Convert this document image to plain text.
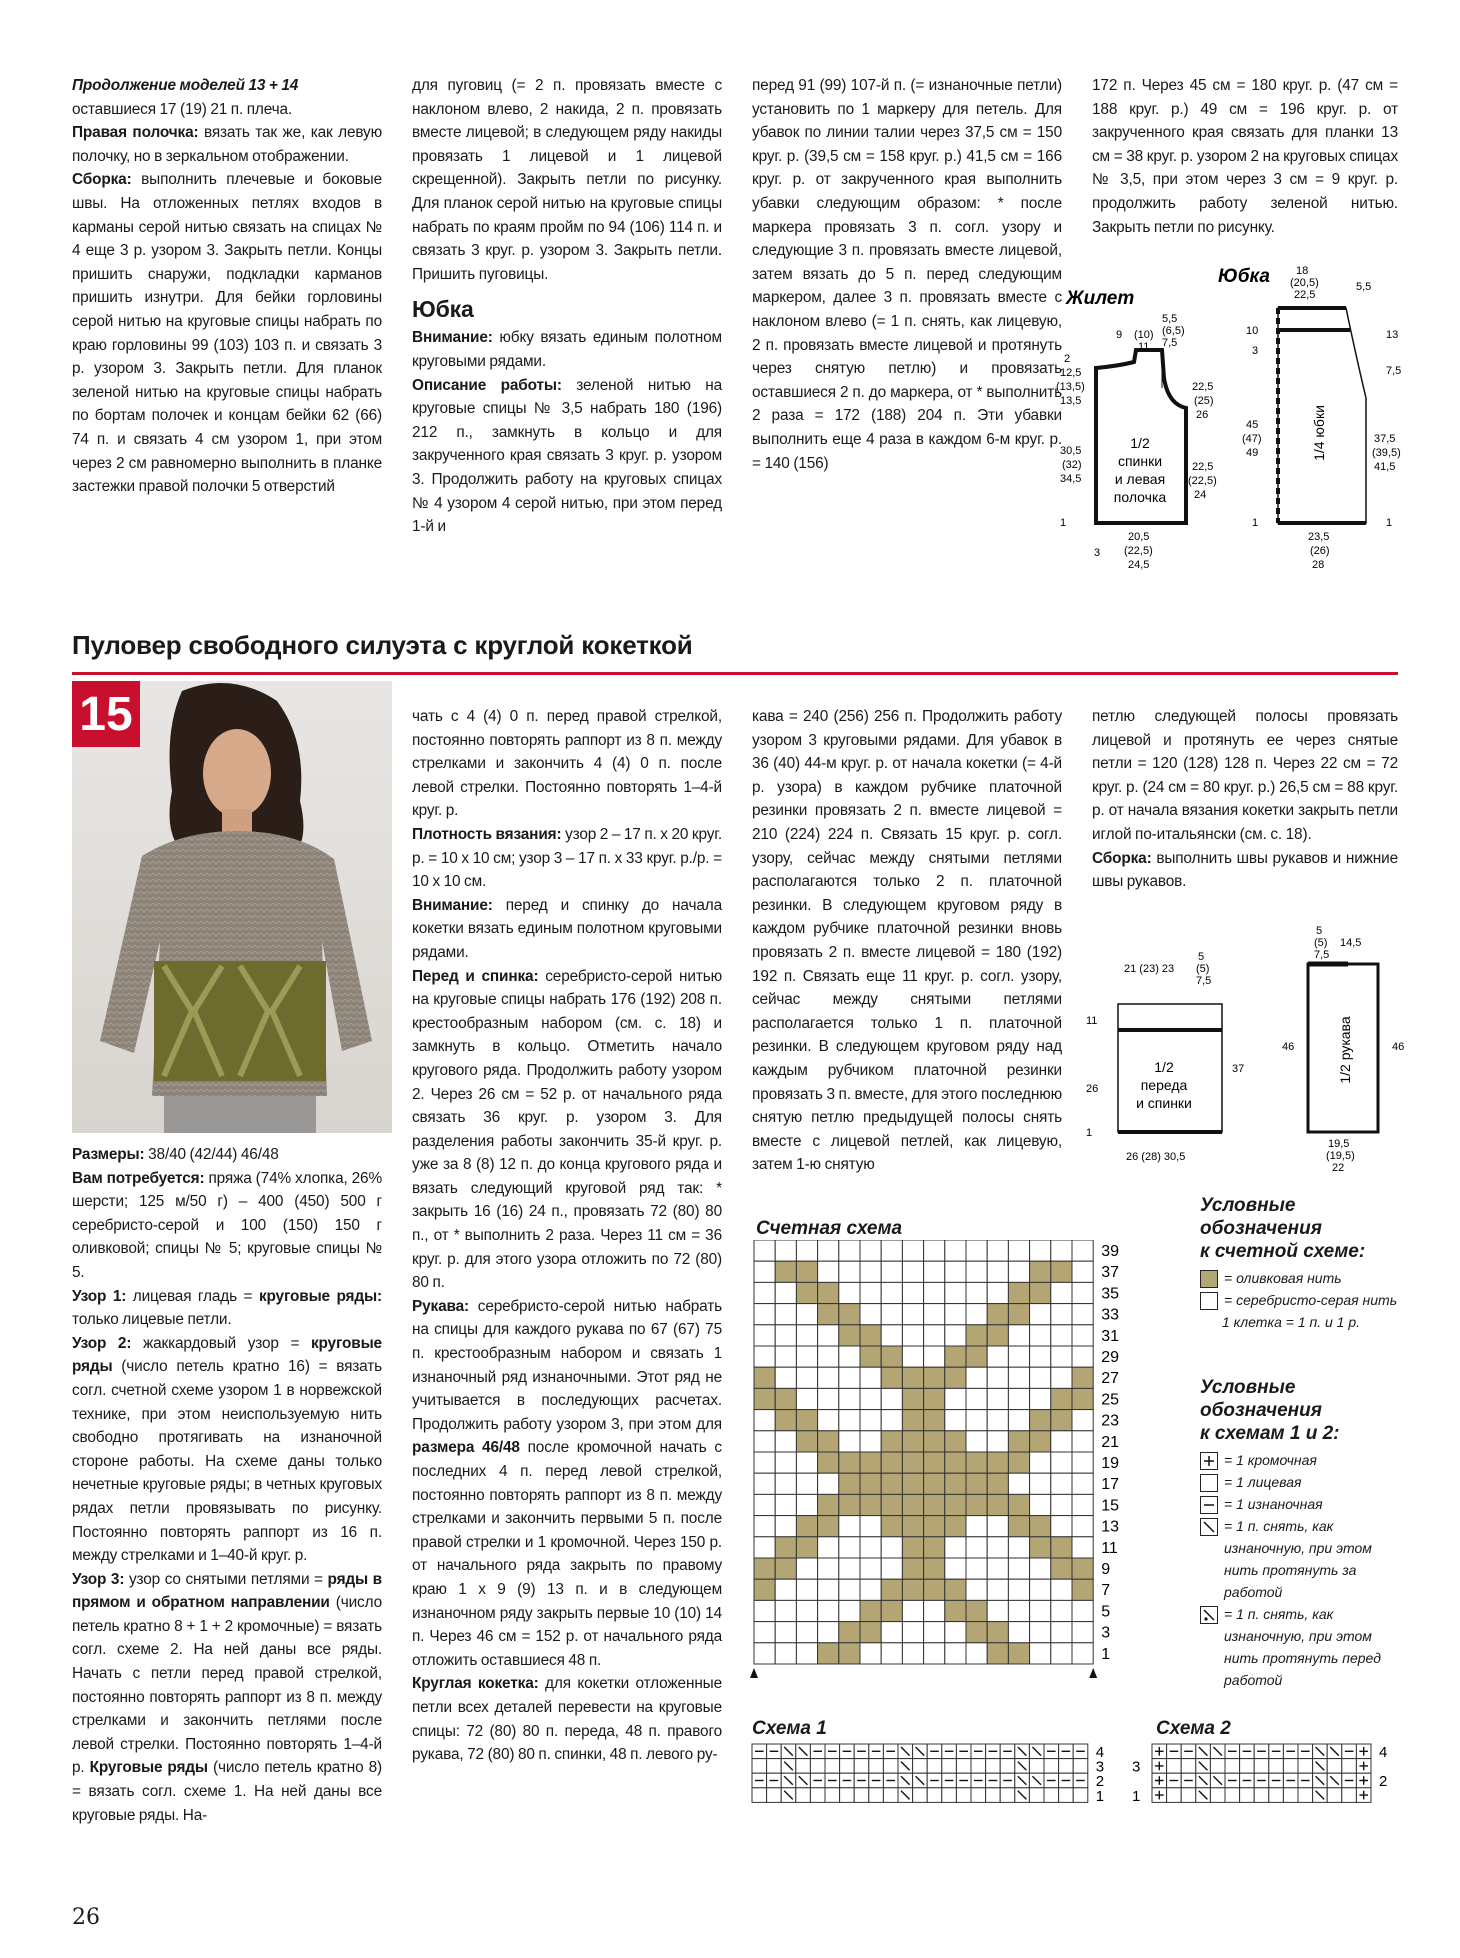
Продолжение моделей 13 + 14
оставшиеся 17 (19) 21 п. плеча.

Правая полочка: вязать так же, как левую полочку, но в зеркальном отображении.

Сборка: выполнить плечевые и боковые швы. На отложенных петлях входов в карманы серой нитью связать на спицах № 4 еще 3 р. узором 3. Закрыть петли. Концы пришить снаружи, подкладки карманов пришить изнутри. Для бейки горловины серой нитью на круговые спицы набрать по краю горловины 99 (103) 103 п. и связать 3 р. узором 3. Закрыть петли. Для планок зеленой нитью на круговые спицы набрать по бортам полочек и концам бейки 62 (66) 74 п. и связать 4 см узором 1, при этом через 2 см равномерно выполнить в планке застежки правой полочки 5 отверстий

для пуговиц (= 2 п. провязать вместе с наклоном влево, 2 накида, 2 п. провязать вместе лицевой; в следующем ряду накиды провязать 1 лицевой и 1 лицевой скрещенной). Закрыть петли по рисунку. Для планок серой нитью на круговые спицы набрать по краям пройм по 94 (106) 114 п. и связать 3 круг. р. узором 3. Закрыть петли. Пришить пуговицы.

Юбка

Внимание: юбку вязать единым полотном круговыми рядами.

Описание работы: зеленой нитью на круговые спицы № 3,5 набрать 180 (196) 212 п., замкнуть в кольцо и для закрученного края связать 3 круг. р. узором 3. Продолжить работу на круговых спицах № 4 узором 4 серой нитью, при этом перед 1-й и

перед 91 (99) 107-й п. (= изнаночные петли) установить по 1 маркеру для петель. Для убавок по линии талии через 37,5 см = 150 круг. р. (39,5 см = 158 круг. р.) 41,5 см = 166 круг. р. от закрученного края выполнить убавки следующим образом: * после маркера провязать 3 п. согл. узору и следующие 3 п. провязать вместе лицевой, затем вязать до 5 п. перед следующим маркером, далее 3 п. провязать вместе с наклоном влево (= 1 п. снять, как лицевую, 2 п. провязать вместе лицевой и протянуть через снятую петлю) и провязать оставшиеся 2 п. до маркера, от * выполнить 2 раза = 172 (188) 204 п. Эти убавки выполнить еще 4 раза в каждом 6-м круг. р. = 140 (156)

172 п. Через 45 см = 180 круг. р. (47 см = 188 круг. р.) 49 см = 196 круг. р. от закрученного края связать для планки 13 см = 38 круг. р. узором 2 на круговых спицах № 3,5, при этом через 3 см = 9 круг. р. продолжить работу зеленой нитью. Закрыть петли по рисунку.

Жилет
Юбка
1/2
спинки
и левая
полочка
9 (10)
11
5,5
(6,5)
7,5
2
12,5
(13,5)
13,5
30,5
(32)
34,5
22,5
(25)
26
22,5
(22,5)
24
1
3
20,5
(22,5)
24,5
1/4 юбки
18
(20,5)
22,5
5,5
10
3
45
(47)
49
13
7,5
37,5
(39,5)
41,5
1
23,5
(26)
28
1
Пуловер свободного силуэта с круглой кокеткой
15

Размеры: 38/40 (42/44) 46/48

Вам потребуется: пряжа (74% хлопка, 26% шерсти; 125 м/50 г) – 400 (450) 500 г серебристо-серой и 100 (150) 150 г оливковой; спицы № 5; круговые спицы № 5.

Узор 1: лицевая гладь = круговые ряды: только лицевые петли.

Узор 2: жаккардовый узор = круговые ряды (число петель кратно 16) = вязать согл. счетной схеме узором 1 в норвежской технике, при этом неиспользуемую нить свободно протягивать на изнаночной стороне работы. На схеме даны только нечетные круговые ряды; в четных круговых рядах петли провязывать по рисунку. Постоянно повторять раппорт из 16 п. между стрелками и 1–40-й круг. р.

Узор 3: узор со снятыми петлями = ряды в прямом и обратном направлении (число петель кратно 8 + 1 + 2 кромочные) = вязать согл. схеме 2. На ней даны все ряды. Начать с петли перед правой стрелкой, постоянно повторять раппорт из 8 п. между стрелками и закончить петлями после левой стрелки. Постоянно повторять 1–4-й р. Круговые ряды (число петель кратно 8) = вязать согл. схеме 1. На ней даны все круговые ряды. На-

чать с 4 (4) 0 п. перед правой стрелкой, постоянно повторять раппорт из 8 п. между стрелками и закончить 4 (4) 0 п. после левой стрелки. Постоянно повторять 1–4-й круг. р.

Плотность вязания: узор 2 – 17 п. х 20 круг. р. = 10 х 10 см; узор 3 – 17 п. х 33 круг. р./р. = 10 х 10 см.

Внимание: перед и спинку до начала кокетки вязать единым полотном круговыми рядами.

Перед и спинка: серебристо-серой нитью на круговые спицы набрать 176 (192) 208 п. крестообразным набором (см. с. 18) и замкнуть в кольцо. Отметить начало кругового ряда. Продолжить работу узором 2. Через 26 см = 52 р. от начального ряда связать 36 круг. р. узором 3. Для разделения работы закончить 35-й круг. р. уже за 8 (8) 12 п. до конца кругового ряда и вязать следующий круговой ряд так: * закрыть 16 (16) 24 п., провязать 72 (80) 80 п., от * выполнить 2 раза. Через 11 см = 36 круг. р. для этого узора отложить по 72 (80) 80 п.

Рукава: серебристо-серой нитью набрать на спицы для каждого рукава по 67 (67) 75 п. крестообразным набором и связать 1 изнаночный ряд изнаночными. Этот ряд не учитывается в последующих расчетах. Продолжить работу узором 3, при этом для размера 46/48 после кромочной начать с последних 4 п. перед левой стрелкой, постоянно повторять раппорт из 8 п. между стрелками и закончить первыми 5 п. после правой стрелки и 1 кромочной. Через 150 р. от начального ряда закрыть по правому краю 1 х 9 (9) 13 п. и в следующем изнаночном ряду закрыть первые 10 (10) 14 п. Через 46 см = 152 р. от начального ряда отложить оставшиеся 48 п.

Круглая кокетка: для кокетки отложенные петли всех деталей перевести на круговые спицы: 72 (80) 80 п. переда, 48 п. правого рукава, 72 (80) 80 п. спинки, 48 п. левого ру-

кава = 240 (256) 256 п. Продолжить работу узором 3 круговыми рядами. Для убавок в 36 (40) 44-м круг. р. от начала кокетки (= 4-й р. узора) в каждом рубчике платочной резинки провязать 2 п. вместе лицевой = 210 (224) 224 п. Связать 15 круг. р. согл. узору, сейчас между снятыми петлями располагаются только 2 п. платочной резинки. В следующем круговом ряду в каждом рубчике платочной резинки вновь провязать 2 п. вместе лицевой = 180 (192) 192 п. Связать еще 11 круг. р. согл. узору, сейчас между снятыми петлями располагается только 1 п. платочной резинки. В следующем круговом ряду над каждым рубчиком платочной резинки провязать 3 п. вместе, для этого последнюю снятую петлю предыдущей полосы снять вместе с лицевой петлей, как лицевую, затем 1-ю снятую

петлю следующей полосы провязать лицевой и протянуть ее через снятые петли = 120 (128) 128 п. Через 22 см = 72 круг. р. (24 см = 80 круг. р.) 26,5 см = 88 круг. р. от начала вязания кокетки закрыть петли иглой по-итальянски (см. с. 18).

Сборка: выполнить швы рукавов и нижние швы рукавов.

1/2
переда
и спинки
21 (23) 23
5
(5)
7,5
11
26
37
1
26 (28) 30,5
1/2 рукава
5
(5)
7,5
14,5
46	46
19,5
(19,5)
22
Счетная схема
39
37
35
33
31
29
27
25
23
21
19
17
15
13
11
9
7
5
3
1
Условные
обозначения
к счетной схеме:
= оливковая нить
= серебристо-серая нить
1 клетка = 1 п. и 1 р.
Условные
обозначения
к схемам 1 и 2:
= 1 кромочная
= 1 лицевая
= 1 изнаночная
= 1 п. снять, как изнаночную, при этом нить протянуть за работой
= 1 п. снять, как изнаночную, при этом нить протянуть перед работой
Схема 1
4
3
2
1
Схема 2
3
1
4
2
26
